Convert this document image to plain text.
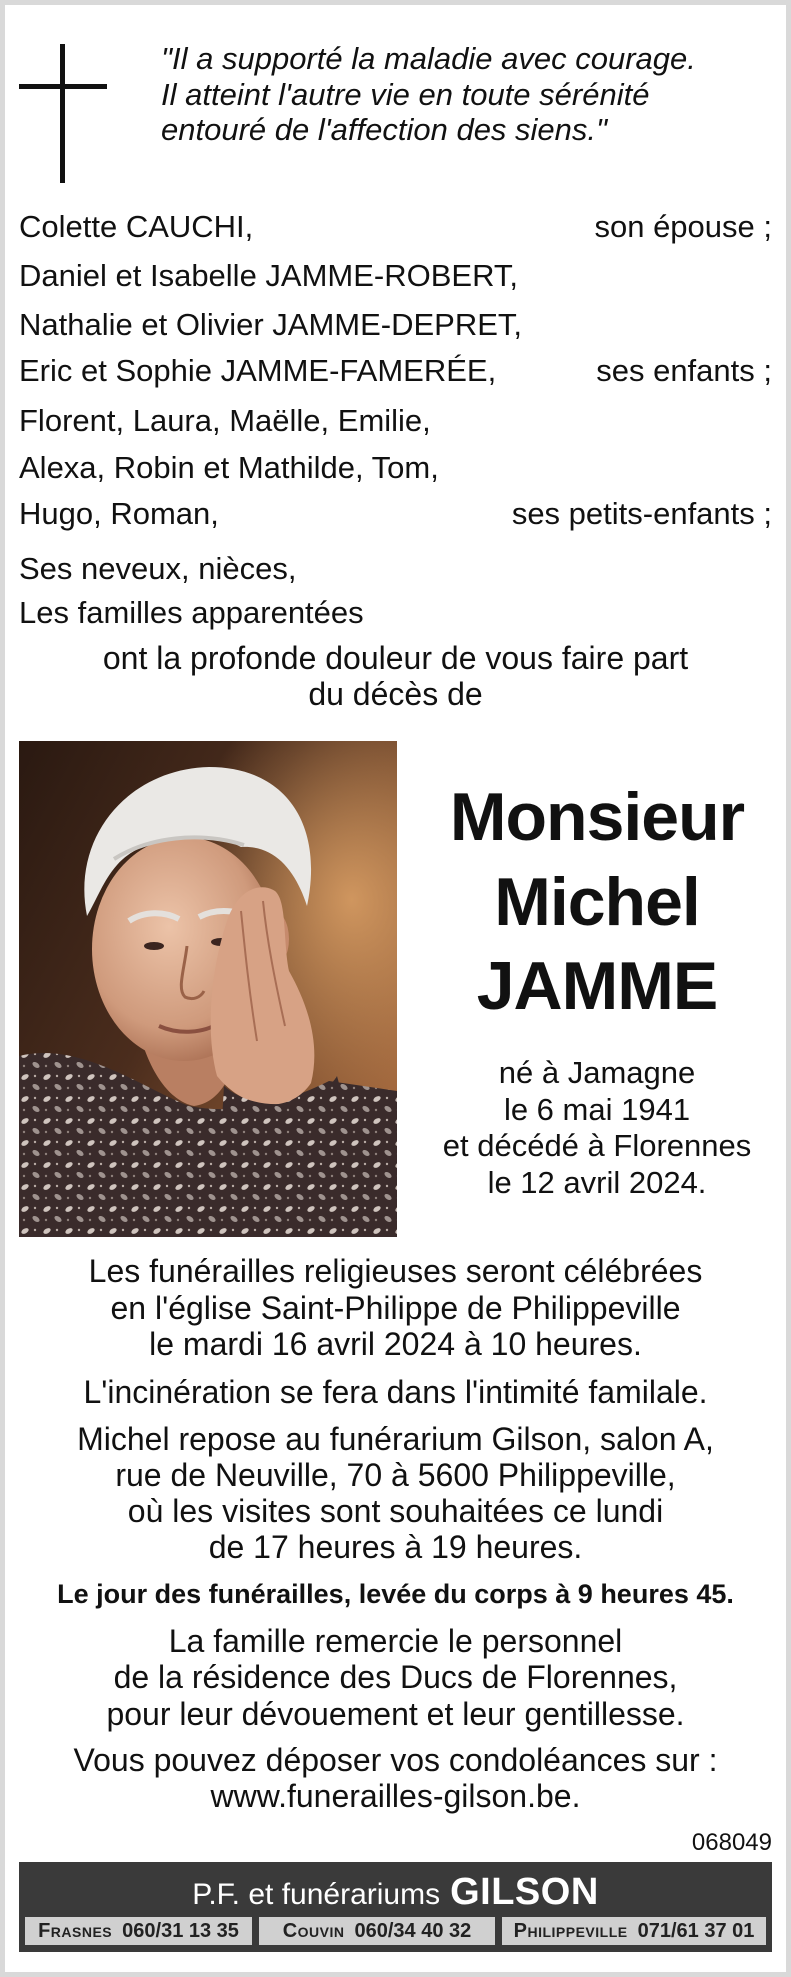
"Il a supporté la maladie avec courage.
Il atteint l'autre vie en toute sérénité
entouré de l'affection des siens."
Colette CAUCHI,	son épouse ;
Daniel et Isabelle JAMME-ROBERT,
Nathalie et Olivier JAMME-DEPRET,
Eric et Sophie JAMME-FAMERÉE,	ses enfants ;
Florent, Laura, Maëlle, Emilie,
Alexa, Robin et Mathilde, Tom,
Hugo, Roman,	ses petits-enfants ;
Ses neveux, nièces,
Les familles apparentées
ont la profonde douleur de vous faire part
du décès de
Monsieur
Michel
JAMME
né à Jamagne
le 6 mai 1941
et décédé à Florennes
le 12 avril 2024.
Les funérailles religieuses seront célébrées
en l'église Saint-Philippe de Philippeville
le mardi 16 avril 2024 à 10 heures.
L'incinération se fera dans l'intimité familale.
Michel repose au funérarium Gilson, salon A,
rue de Neuville, 70 à 5600 Philippeville,
où les visites sont souhaitées ce lundi
de 17 heures à 19 heures.
Le jour des funérailles, levée du corps à 9 heures 45.
La famille remercie le personnel
de la résidence des Ducs de Florennes,
pour leur dévouement et leur gentillesse.
Vous pouvez déposer vos condoléances sur :
www.funerailles-gilson.be.
068049
P.F. et funérariums GILSON
Frasnes 060/31 13 35	Couvin 060/34 40 32	Philippeville 071/61 37 01
